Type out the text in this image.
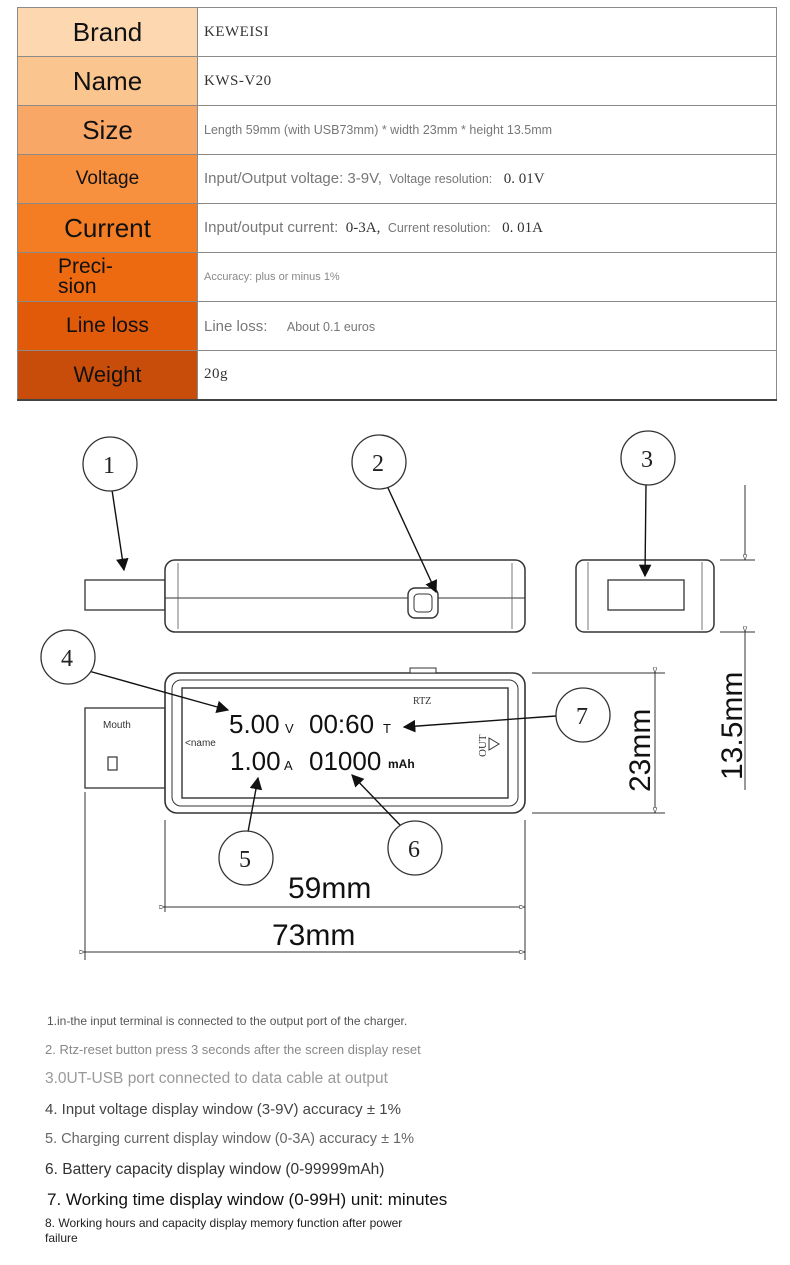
Brand	KEWEISI
Name	KWS-V20
Size	Length 59mm (with USB73mm) * width 23mm * height 13.5mm
Voltage	Input/Output voltage: 3-9V, Voltage resolution: 0. 01V
Current	Input/output current: 0-3A, Current resolution: 0. 01A

Preci-
sion	Accuracy: plus or minus 1%
Line loss	Line loss: About 0.1 euros
Weight	20g
Mouth
<name
RTZ
OUT
5.00 V 00:60 T
1.00 A 01000 mAh
59mm
73mm
23mm 13.5mm
1	2	3
4
5	6
7
1.in-the input terminal is connected to the output port of the charger.
2. Rtz-reset button press 3 seconds after the screen display reset
3.0UT-USB port connected to data cable at output
4. Input voltage display window (3-9V) accuracy ± 1%
5. Charging current display window (0-3A) accuracy ± 1%
6. Battery capacity display window (0-99999mAh)
7. Working time display window (0-99H) unit: minutes
8. Working hours and capacity display memory function after power
failure
